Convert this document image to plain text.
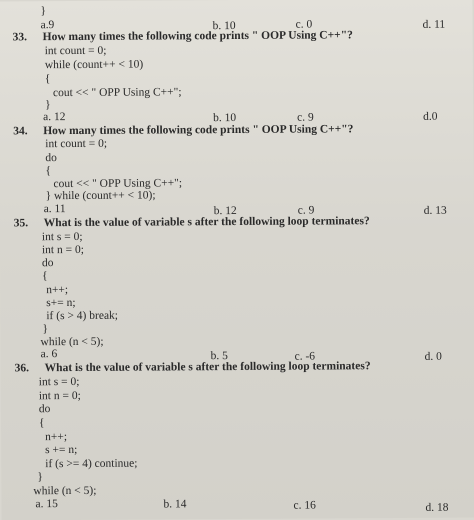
}
a.9	b. 10	c. 0	d. 11
33. How many times the following code prints " OOP Using C++"?
int count = 0;
while (count++ < 10)
{
cout << " OPP Using C++";
}
a. 12	b. 10	c. 9	d.0
34. How many times the following code prints " OOP Using C++"?
int count = 0;
do
{
cout << " OPP Using C++";
} while (count++ < 10);
a. 11	b. 12	c. 9	d. 13
35. What is the value of variable s after the following loop terminates?
int s = 0;
int n = 0;
do
{
n++;
s+= n;
if (s > 4) break;
}
while (n < 5);
a. 6	b. 5	c. -6	d. 0
36. What is the value of variable s after the following loop terminates?
int s = 0;
int n = 0;
do
{
n++;
s += n;
if (s >= 4) continue;
}
while (n < 5);
a. 15	b. 14	c. 16	d. 18
